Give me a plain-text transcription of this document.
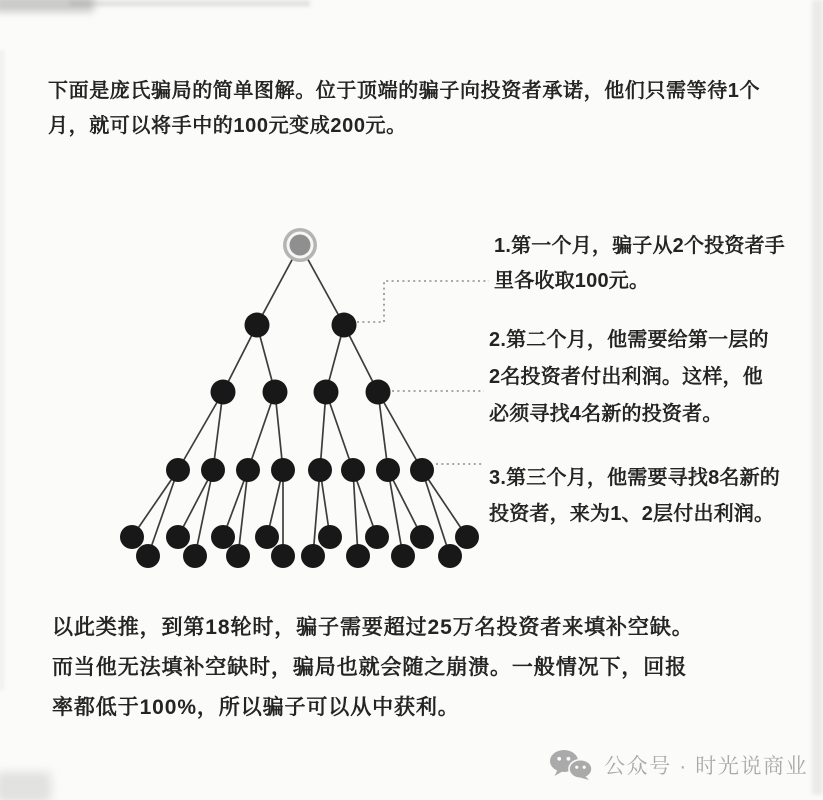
下面是庞氏骗局的简单图解。位于顶端的骗子向投资者承诺，他们只需等待1个
月，就可以将手中的100元变成200元。
1.第一个月，骗子从2个投资者手
里各收取100元。
2.第二个月，他需要给第一层的
2名投资者付出利润。这样，他
必须寻找4名新的投资者。
3.第三个月，他需要寻找8名新的
投资者，来为1、2层付出利润。
以此类推，到第18轮时，骗子需要超过25万名投资者来填补空缺。
而当他无法填补空缺时，骗局也就会随之崩溃。一般情况下，回报
率都低于100%，所以骗子可以从中获利。
公众号 · 时光说商业
